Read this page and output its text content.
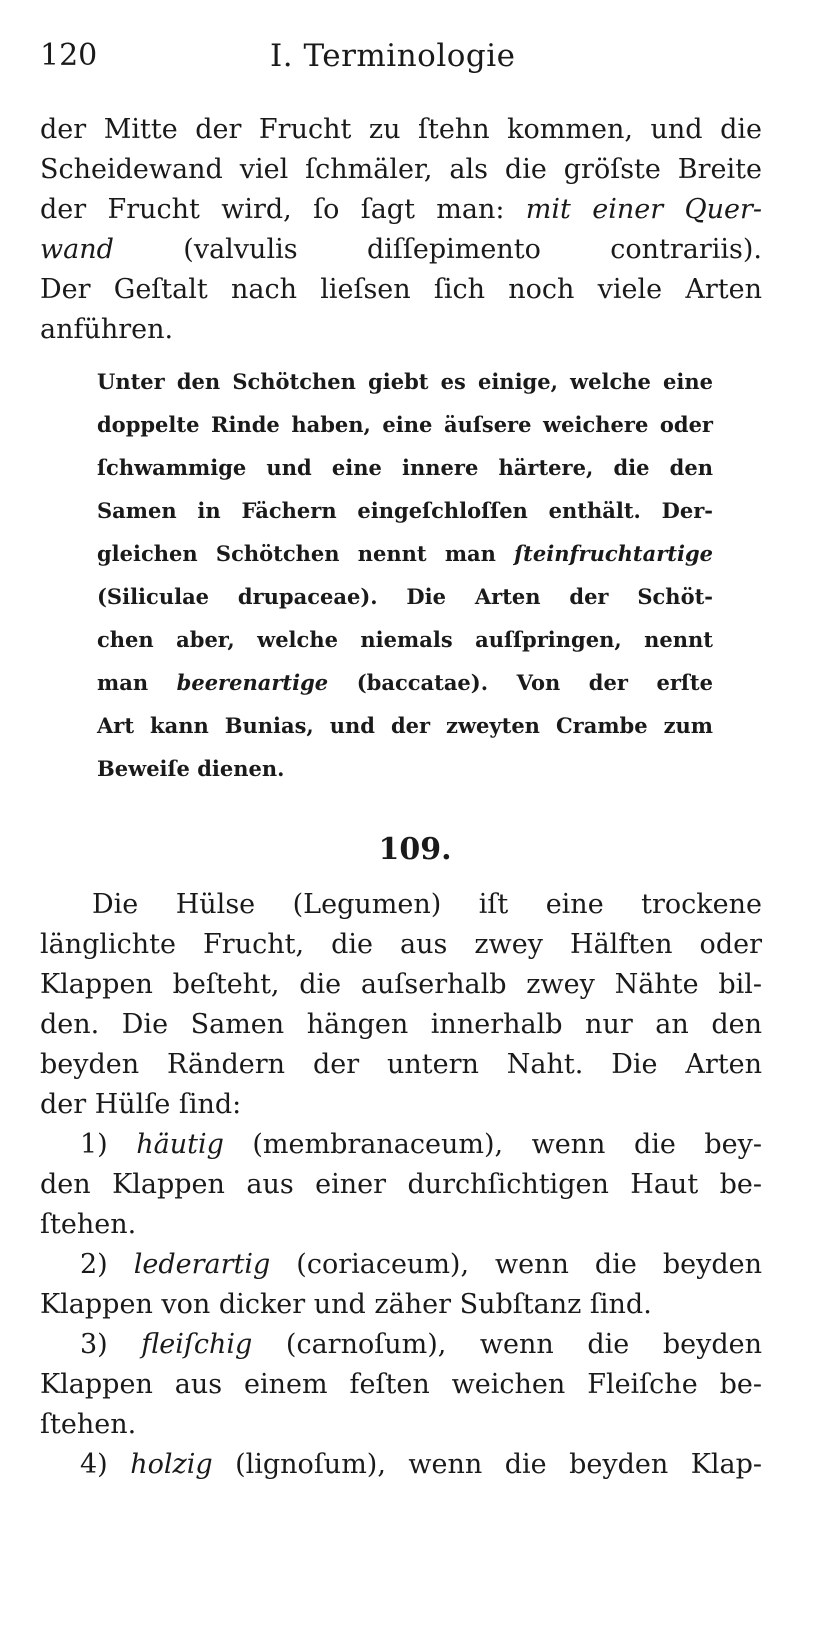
120	I. Terminologie
der Mitte der Frucht zu ſtehn kommen, und die
Scheidewand viel ſchmäler, als die gröſste Breite
der Frucht wird, ſo ſagt man: mit einer Quer-
wand (valvulis diſſepimento contrariis).
Der Geſtalt nach lieſsen ſich noch viele Arten
anführen.
Unter den Schötchen giebt es einige, welche eine
doppelte Rinde haben, eine äuſsere weichere oder
ſchwammige und eine innere härtere, die den
Samen in Fächern eingeſchloſſen enthält. Der-
gleichen Schötchen nennt man ſteinfruchtartige
(Siliculae drupaceae). Die Arten der Schöt-
chen aber, welche niemals auſſpringen, nennt
man beerenartige (baccatae). Von der erſte
Art kann Bunias, und der zweyten Crambe zum
Beweiſe dienen.
109.
Die Hülse (Legumen) iſt eine trockene
länglichte Frucht, die aus zwey Hälften oder
Klappen beſteht, die auſserhalb zwey Nähte bil-
den. Die Samen hängen innerhalb nur an den
beyden Rändern der untern Naht. Die Arten
der Hülſe ſind:
1) häutig (membranaceum), wenn die bey-
den Klappen aus einer durchſichtigen Haut be-
ſtehen.
2) lederartig (coriaceum), wenn die beyden
Klappen von dicker und zäher Subſtanz ſind.
3) fleiſchig (carnoſum), wenn die beyden
Klappen aus einem feſten weichen Fleiſche be-
ſtehen.
4) holzig (lignoſum), wenn die beyden Klap-
